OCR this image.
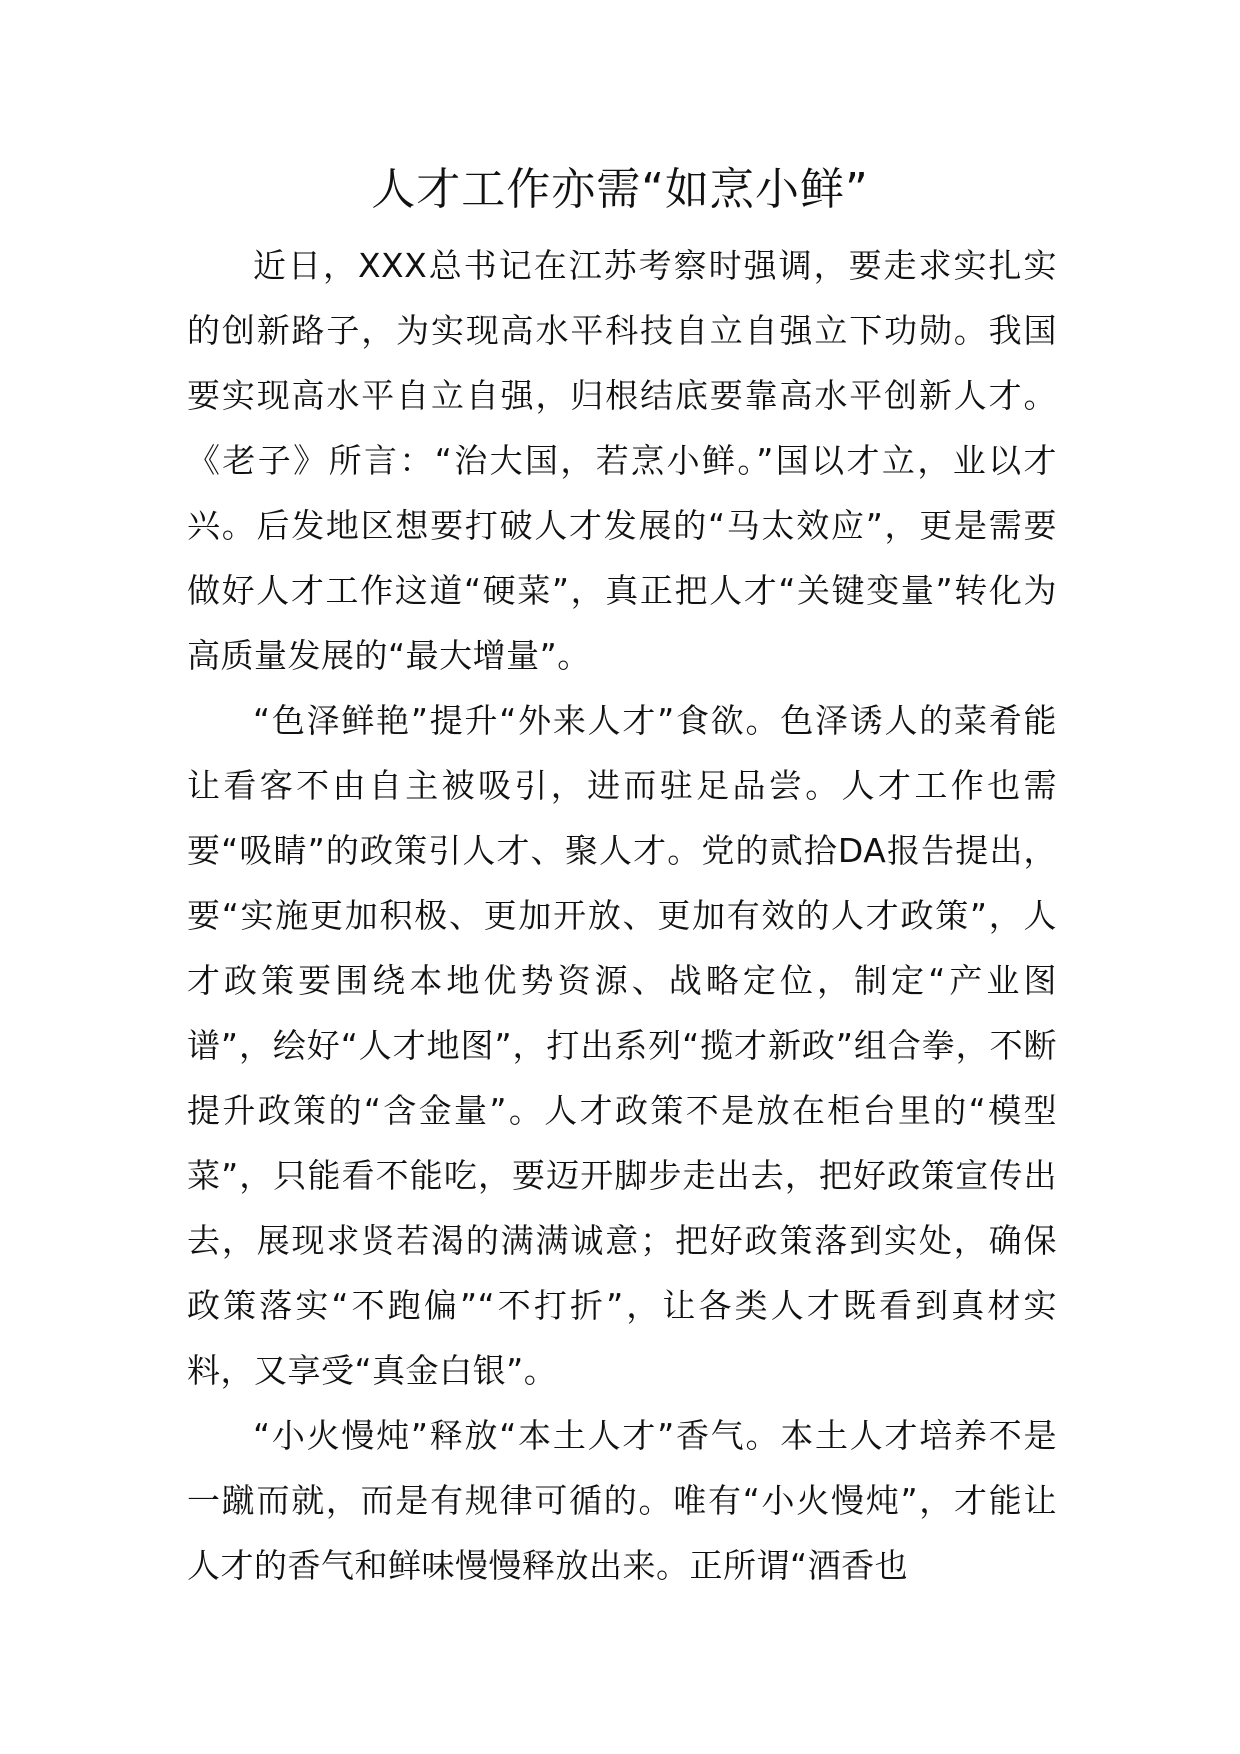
人才工作亦需“如烹小鲜”

近日，XXX总书记在江苏考察时强调，要走求实扎实的创新路子，为实现高水平科技自立自强立下功勋。我国要实现高水平自立自强，归根结底要靠高水平创新人才。《老子》所言：“治大国，若烹小鲜。”国以才立，业以才兴。后发地区想要打破人才发展的“马太效应”，更是需要做好人才工作这道“硬菜”，真正把人才“关键变量”转化为高质量发展的“最大增量”。

“色泽鲜艳”提升“外来人才”食欲。色泽诱人的菜肴能让看客不由自主被吸引，进而驻足品尝。人才工作也需要“吸睛”的政策引人才、聚人才。党的贰拾DA报告提出，要“实施更加积极、更加开放、更加有效的人才政策”，人才政策要围绕本地优势资源、战略定位，制定“产业图谱”，绘好“人才地图”，打出系列“揽才新政”组合拳，不断提升政策的“含金量”。人才政策不是放在柜台里的“模型菜”，只能看不能吃，要迈开脚步走出去，把好政策宣传出去，展现求贤若渴的满满诚意；把好政策落到实处，确保政策落实“不跑偏”“不打折”，让各类人才既看到真材实料，又享受“真金白银”。

“小火慢炖”释放“本土人才”香气。本土人才培养不是一蹴而就，而是有规律可循的。唯有“小火慢炖”，才能让人才的香气和鲜味慢慢释放出来。正所谓“酒香也
